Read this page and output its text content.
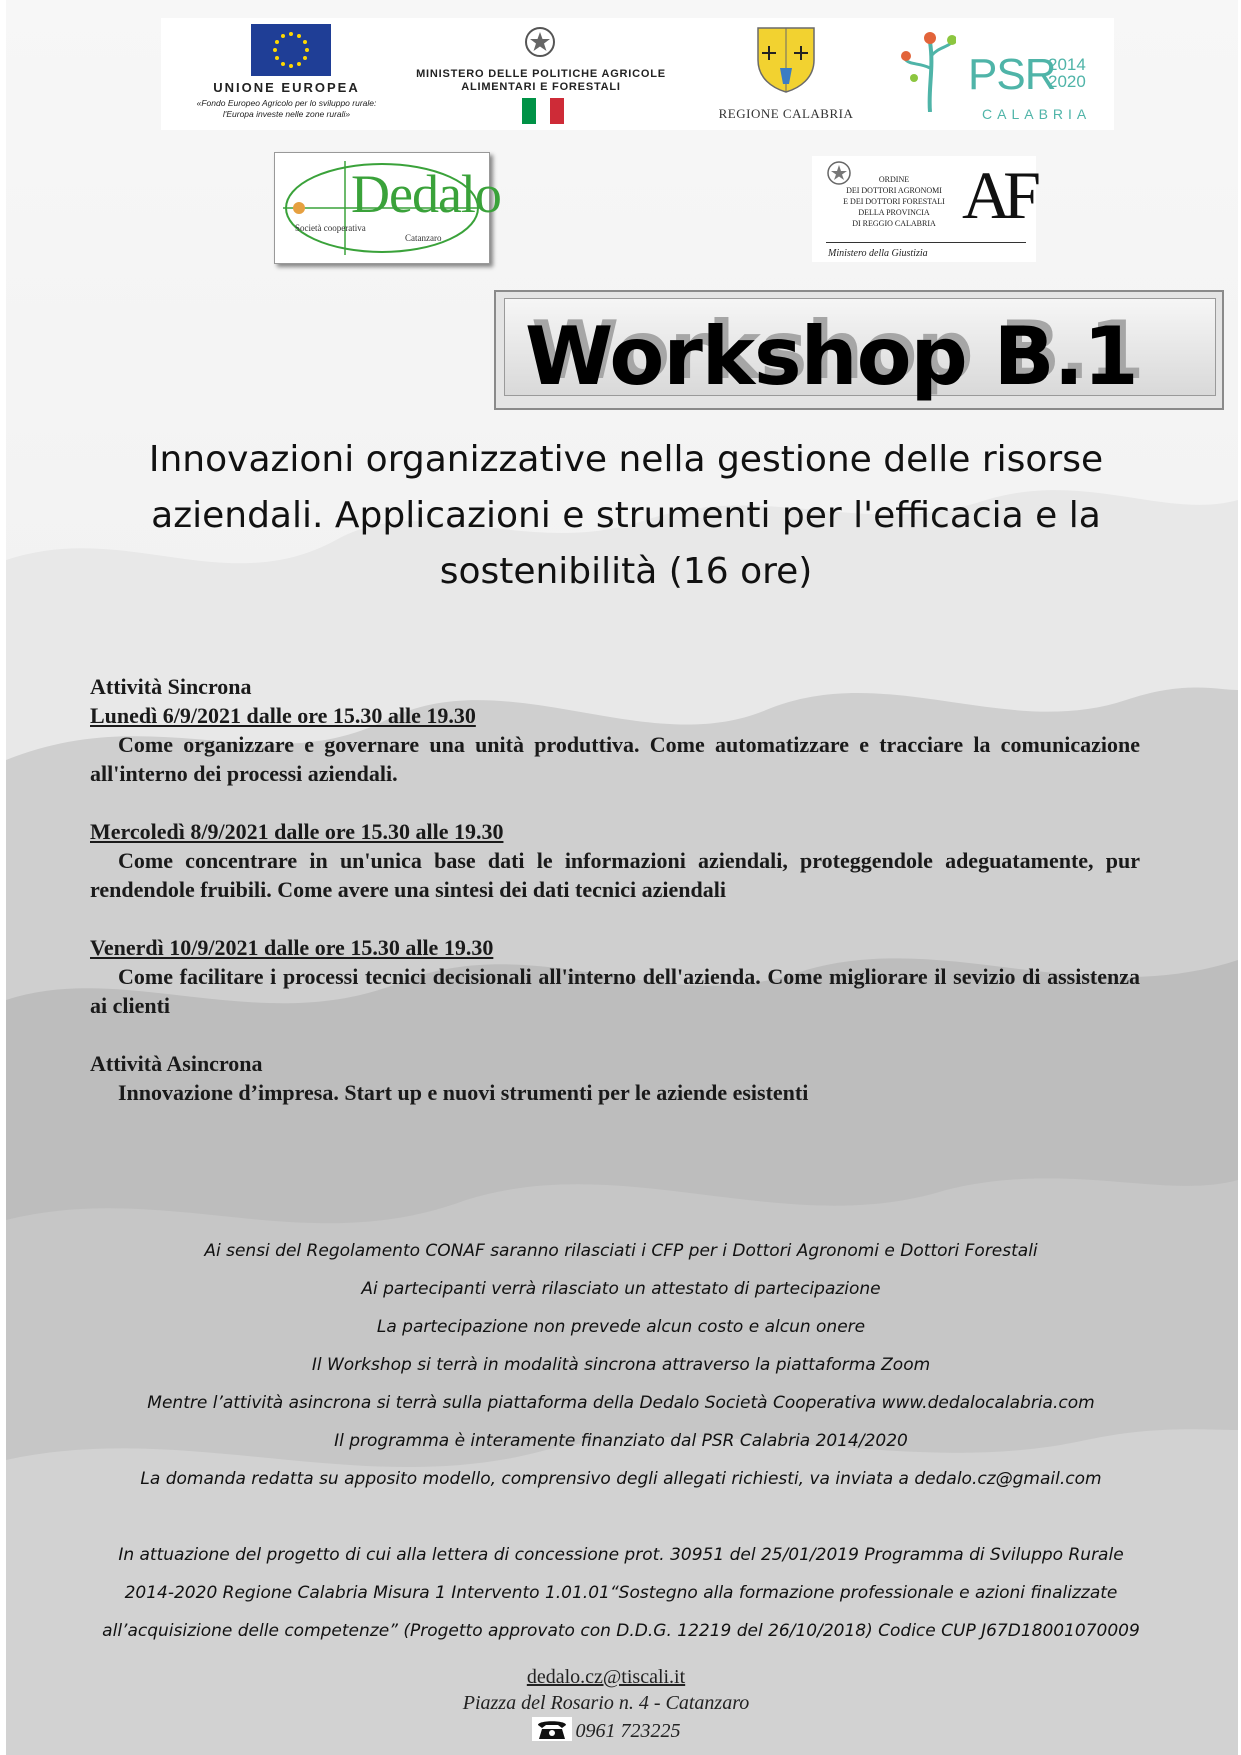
UNIONE EUROPEA
«Fondo Europeo Agricolo per lo sviluppo rurale:
l'Europa investe nelle zone rurali»
MINISTERO DELLE POLITICHE AGRICOLE
ALIMENTARI E FORESTALI
REGIONE CALABRIA
PSR
2014
2020
CALABRIA
Dedalo
Società cooperativa
Catanzaro
ORDINE
DEI DOTTORI AGRONOMI
E DEI DOTTORI FORESTALI
DELLA PROVINCIA
DI REGGIO CALABRIA AF
Ministero della Giustizia
Workshop B.1
Innovazioni organizzative nella gestione delle risorse
aziendali. Applicazioni e strumenti per l'efficacia e la
sostenibilità (16 ore)

Attività Sincrona

Lunedì 6/9/2021 dalle ore 15.30 alle 19.30

Come organizzare e governare una unità produttiva. Come automatizzare e tracciare la comunicazione all'interno dei processi aziendali.

Mercoledì 8/9/2021 dalle ore 15.30 alle 19.30

Come concentrare in un'unica base dati le informazioni aziendali, proteggendole adeguatamente, pur rendendole fruibili. Come avere una sintesi dei dati tecnici aziendali

Venerdì 10/9/2021 dalle ore 15.30 alle 19.30

Come facilitare i processi tecnici decisionali all'interno dell'azienda. Come migliorare il sevizio di assistenza ai clienti

Attività Asincrona

Innovazione d’impresa. Start up e nuovi strumenti per le aziende esistenti

Ai sensi del Regolamento CONAF saranno rilasciati i CFP per i Dottori Agronomi e Dottori Forestali

Ai partecipanti verrà rilasciato un attestato di partecipazione

La partecipazione non prevede alcun costo e alcun onere

Il Workshop si terrà in modalità sincrona attraverso la piattaforma Zoom

Mentre l’attività asincrona si terrà sulla piattaforma della Dedalo Società Cooperativa www.dedalocalabria.com

Il programma è interamente finanziato dal PSR Calabria 2014/2020

La domanda redatta su apposito modello, comprensivo degli allegati richiesti, va inviata a dedalo.cz@gmail.com

In attuazione del progetto di cui alla lettera di concessione prot. 30951 del 25/01/2019 Programma di Sviluppo Rurale

2014-2020 Regione Calabria Misura 1 Intervento 1.01.01“Sostegno alla formazione professionale e azioni finalizzate

all’acquisizione delle competenze” (Progetto approvato con D.D.G. 12219 del 26/10/2018) Codice CUP J67D18001070009

dedalo.cz@tiscali.it
Piazza del Rosario n. 4 - Catanzaro
0961 723225
